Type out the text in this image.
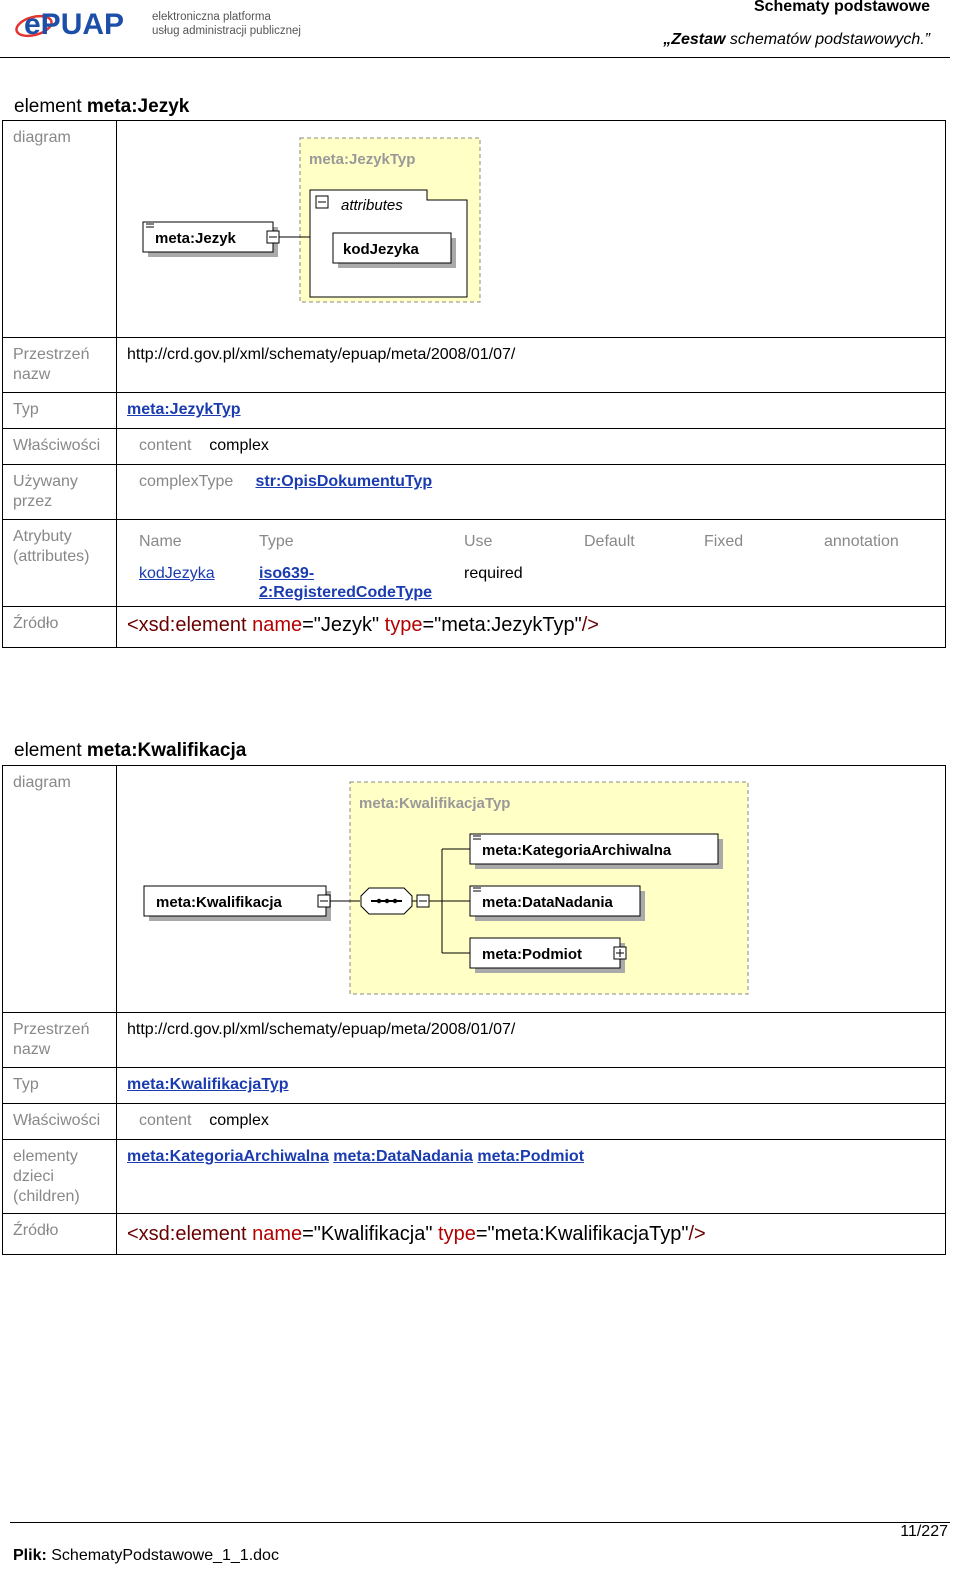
ePUAP elektroniczna platforma
usług administracji publicznej
Schematy podstawowe
„Zestaw schematów podstawowych.”
element meta:Jezyk
diagram	
meta:JezykTyp
attributes
kodJezyka
meta:Jezyk

Przestrzeń nazw	http://crd.gov.pl/xml/schematy/epuap/meta/2008/01/07/
Typ	meta:JezykTyp
Właściwości	content complex
Używany przez	complexType str:OpisDokumentuTyp
Atrybuty (attributes)	
Name	Type	Use	Default	Fixed	annotation
kodJezyka	iso639-
2:RegisteredCodeType	required			

Źródło	<xsd:element name="Jezyk" type="meta:JezykTyp"/>
element meta:Kwalifikacja
diagram	meta:KwalifikacjaTyp
meta:Kwalifikacja
meta:KategoriaArchiwalna
meta:DataNadania
meta:Podmiot

Przestrzeń nazw	http://crd.gov.pl/xml/schematy/epuap/meta/2008/01/07/
Typ	meta:KwalifikacjaTyp
Właściwości	content complex
elementy dzieci (children)	meta:KategoriaArchiwalna meta:DataNadania meta:Podmiot
Źródło	<xsd:element name="Kwalifikacja" type="meta:KwalifikacjaTyp"/>
Plik: SchematyPodstawowe_1_1.doc
11/227
